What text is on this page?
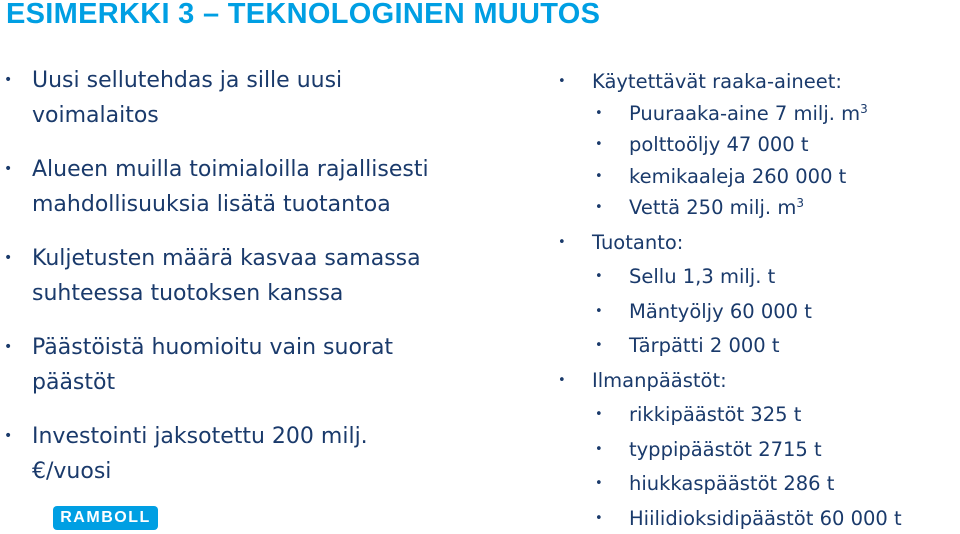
ESIMERKKI 3 – TEKNOLOGINEN MUUTOS
• Uusi sellutehdas ja sille uusi
voimalaitos
• Alueen muilla toimialoilla rajallisesti
mahdollisuuksia lisätä tuotantoa
• Kuljetusten määrä kasvaa samassa
suhteessa tuotoksen kanssa
• Päästöistä huomioitu vain suorat
päästöt
• Investointi jaksotettu 200 milj.
€/vuosi
• Käytettävät raaka-aineet:
• Puuraaka-aine 7 milj. $m^3$
• polttoöljy 47 000 t
• kemikaaleja 260 000 t
• Vettä 250 milj. $m^3$
• Tuotanto:
• Sellu 1,3 milj. t
• Mäntyöljy 60 000 t
• Tärpätti 2 000 t
• Ilmanpäästöt:
• rikkipäästöt 325 t
• typpipäästöt 2715 t
• hiukkaspäästöt 286 t
• Hiilidioksidipäästöt 60 000 t
RAMBOLL
